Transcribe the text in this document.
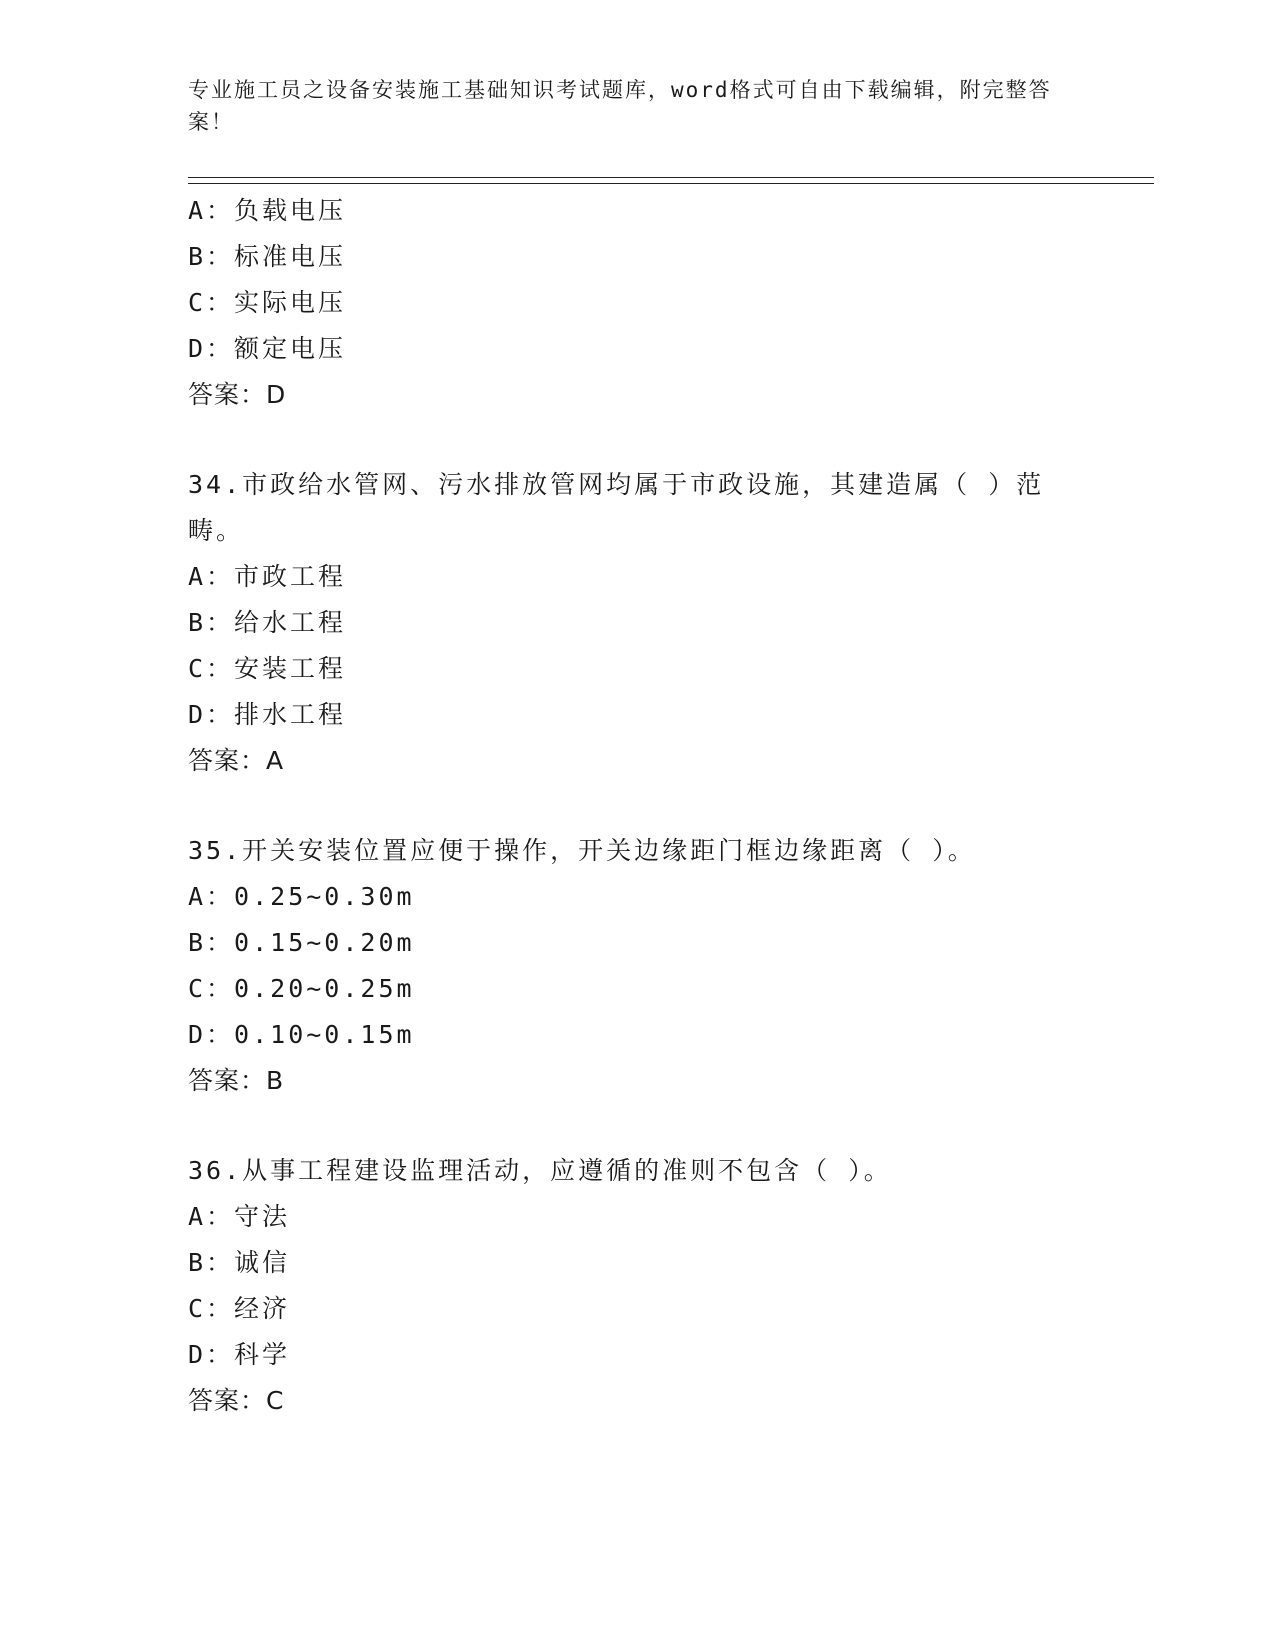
专业施工员之设备安装施工基础知识考试题库，word格式可自由下载编辑，附完整答案！
A：负载电压
B：标准电压
C：实际电压
D：额定电压
答案：D
34.市政给水管网、污水排放管网均属于市政设施，其建造属（ ）范畴。
A：市政工程
B：给水工程
C：安装工程
D：排水工程
答案：A
35.开关安装位置应便于操作，开关边缘距门框边缘距离（ ）。
A：0.25~0.30m
B：0.15~0.20m
C：0.20~0.25m
D：0.10~0.15m
答案：B
36.从事工程建设监理活动，应遵循的准则不包含（ ）。
A：守法
B：诚信
C：经济
D：科学
答案：C
